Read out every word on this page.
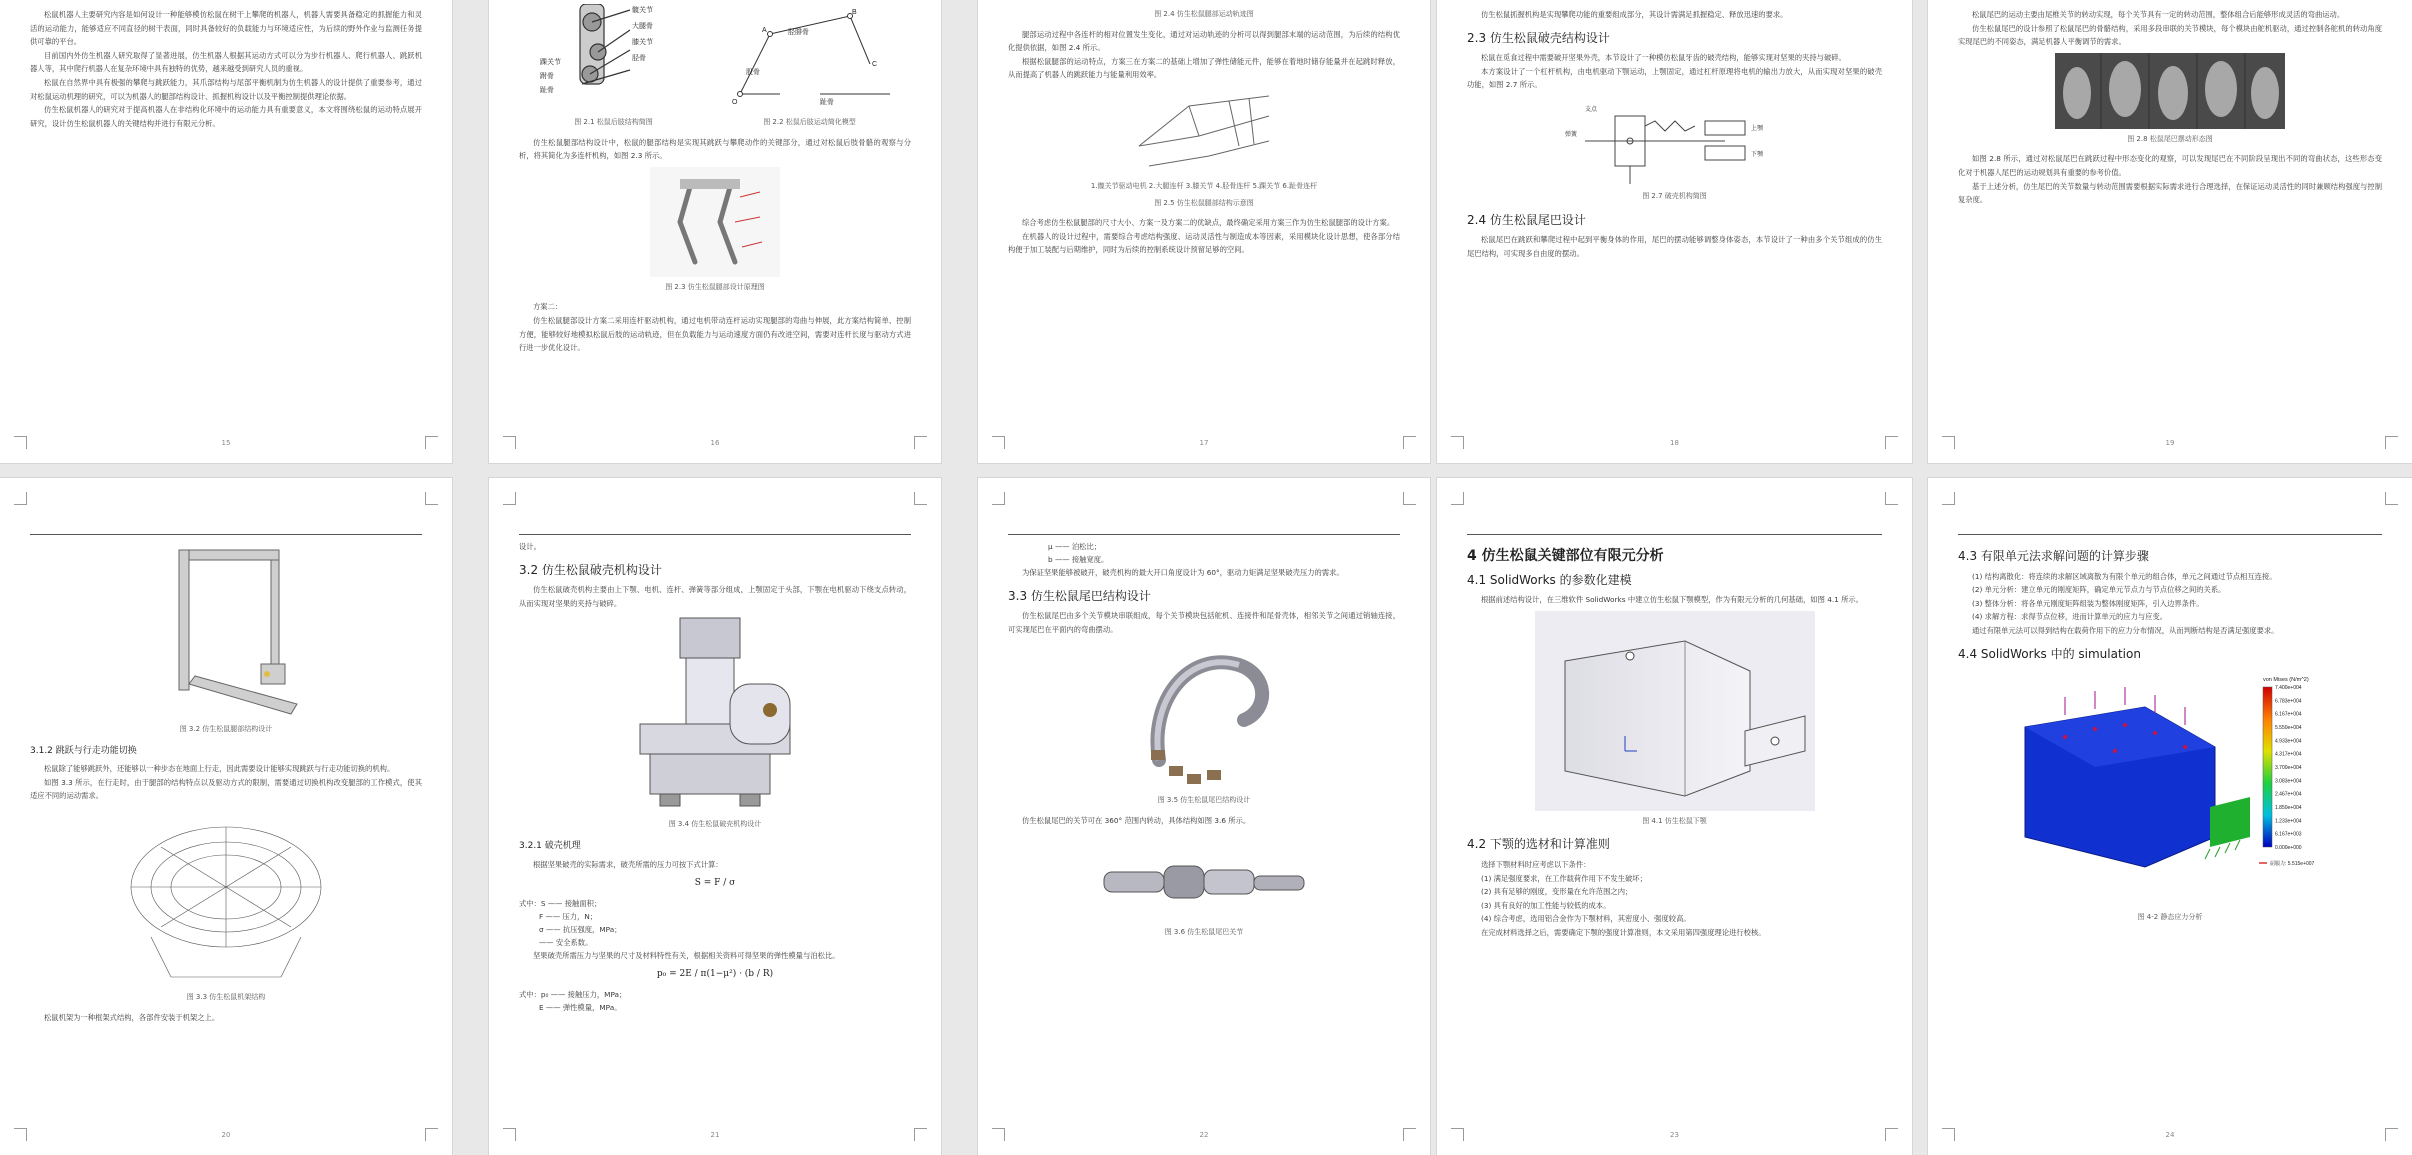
松鼠机器人主要研究内容是如何设计一种能够模仿松鼠在树干上攀爬的机器人，机器人需要具备稳定的抓握能力和灵活的运动能力，能够适应不同直径的树干表面，同时具备较好的负载能力与环境适应性，为后续的野外作业与监测任务提供可靠的平台。

目前国内外仿生机器人研究取得了显著进展，仿生机器人根据其运动方式可以分为步行机器人、爬行机器人、跳跃机器人等，其中爬行机器人在复杂环境中具有独特的优势，越来越受到研究人员的重视。

松鼠在自然界中具有极强的攀爬与跳跃能力，其爪部结构与尾部平衡机制为仿生机器人的设计提供了重要参考，通过对松鼠运动机理的研究，可以为机器人的腿部结构设计、抓握机构设计以及平衡控制提供理论依据。

仿生松鼠机器人的研究对于提高机器人在非结构化环境中的运动能力具有重要意义，本文将围绕松鼠的运动特点展开研究，设计仿生松鼠机器人的关键结构并进行有限元分析。

15
髋关节
大腿骨
膝关节
胫骨
踝关节
跗骨
趾骨
胫腓骨
A
B
C
股骨
趾骨
O
图 2.1 松鼠后肢结构简图	图 2.2 松鼠后肢运动简化模型

仿生松鼠腿部结构设计中，松鼠的腿部结构是实现其跳跃与攀爬动作的关键部分，通过对松鼠后肢骨骼的观察与分析，将其简化为多连杆机构，如图 2.3 所示。

图 2.3 仿生松鼠腿部设计原理图

方案二：

仿生松鼠腿部设计方案二采用连杆驱动机构，通过电机带动连杆运动实现腿部的弯曲与伸展，此方案结构简单、控制方便，能够较好地模拟松鼠后肢的运动轨迹，但在负载能力与运动速度方面仍有改进空间，需要对连杆长度与驱动方式进行进一步优化设计。

16
图 2.4 仿生松鼠腿部运动轨迹图

腿部运动过程中各连杆的相对位置发生变化，通过对运动轨迹的分析可以得到腿部末端的运动范围，为后续的结构优化提供依据，如图 2.4 所示。

根据松鼠腿部的运动特点，方案三在方案二的基础上增加了弹性储能元件，能够在着地时储存能量并在起跳时释放，从而提高了机器人的跳跃能力与能量利用效率。

1.髋关节驱动电机 2.大腿连杆 3.膝关节 4.胫骨连杆 5.踝关节 6.趾骨连杆
图 2.5 仿生松鼠腿部结构示意图

综合考虑仿生松鼠腿部的尺寸大小、方案一及方案二的优缺点，最终确定采用方案三作为仿生松鼠腿部的设计方案。

在机器人的设计过程中，需要综合考虑结构强度、运动灵活性与制造成本等因素，采用模块化设计思想，使各部分结构便于加工装配与后期维护，同时为后续的控制系统设计预留足够的空间。

17

仿生松鼠抓握机构是实现攀爬功能的重要组成部分，其设计需满足抓握稳定、释放迅速的要求。

2.3 仿生松鼠破壳结构设计

松鼠在觅食过程中需要破开坚果外壳，本节设计了一种模仿松鼠牙齿的破壳结构，能够实现对坚果的夹持与破碎。

本方案设计了一个杠杆机构，由电机驱动下颚运动，上颚固定，通过杠杆原理将电机的输出力放大，从而实现对坚果的破壳功能，如图 2.7 所示。

支点
弹簧
上颚
下颚
图 2.7 破壳机构简图
2.4 仿生松鼠尾巴设计

松鼠尾巴在跳跃和攀爬过程中起到平衡身体的作用，尾巴的摆动能够调整身体姿态，本节设计了一种由多个关节组成的仿生尾巴结构，可实现多自由度的摆动。

18

松鼠尾巴的运动主要由尾椎关节的转动实现，每个关节具有一定的转动范围，整体组合后能够形成灵活的弯曲运动。

仿生松鼠尾巴的设计参照了松鼠尾巴的骨骼结构，采用多段串联的关节模块，每个模块由舵机驱动，通过控制各舵机的转动角度实现尾巴的不同姿态，满足机器人平衡调节的需求。

图 2.8 松鼠尾巴摆动形态图

如图 2.8 所示，通过对松鼠尾巴在跳跃过程中形态变化的观察，可以发现尾巴在不同阶段呈现出不同的弯曲状态，这些形态变化对于机器人尾巴的运动规划具有重要的参考价值。

基于上述分析，仿生尾巴的关节数量与转动范围需要根据实际需求进行合理选择，在保证运动灵活性的同时兼顾结构强度与控制复杂度。

19
图 3.2 仿生松鼠腿部结构设计
3.1.2 跳跃与行走功能切换

松鼠除了能够跳跃外，还能够以一种步态在地面上行走，因此需要设计能够实现跳跃与行走功能切换的机构。

如图 3.3 所示，在行走时，由于腿部的结构特点以及驱动方式的限制，需要通过切换机构改变腿部的工作模式，使其适应不同的运动需求。

图 3.3 仿生松鼠机架结构

松鼠机架为一种框架式结构，各部件安装于机架之上。

20

设计。

3.2 仿生松鼠破壳机构设计

仿生松鼠破壳机构主要由上下颚、电机、连杆、弹簧等部分组成，上颚固定于头部，下颚在电机驱动下绕支点转动，从而实现对坚果的夹持与破碎。

图 3.4 仿生松鼠破壳机构设计
3.2.1 破壳机理

根据坚果破壳的实际需求，破壳所需的压力可按下式计算：

S = F / σ
式中：S —— 接触面积；
F —— 压力，N；
σ —— 抗压强度，MPa；
—— 安全系数。

坚果破壳所需压力与坚果的尺寸及材料特性有关，根据相关资料可得坚果的弹性模量与泊松比。

p₀ = 2E / π(1−μ²) · (b / R)
式中：p₀ —— 接触压力，MPa；
E —— 弹性模量，MPa。
21
μ —— 泊松比；
b —— 接触宽度。

为保证坚果能够被破开，破壳机构的最大开口角度设计为 60°，驱动力矩满足坚果破壳压力的需求。

3.3 仿生松鼠尾巴结构设计

仿生松鼠尾巴由多个关节模块串联组成，每个关节模块包括舵机、连接件和尾骨壳体，相邻关节之间通过销轴连接，可实现尾巴在平面内的弯曲摆动。

图 3.5 仿生松鼠尾巴结构设计

仿生松鼠尾巴的关节可在 360° 范围内转动，具体结构如图 3.6 所示。

图 3.6 仿生松鼠尾巴关节
22
4 仿生松鼠关键部位有限元分析
4.1 SolidWorks 的参数化建模

根据前述结构设计，在三维软件 SolidWorks 中建立仿生松鼠下颚模型，作为有限元分析的几何基础，如图 4.1 所示。

图 4.1 仿生松鼠下颚
4.2 下颚的选材和计算准则

选择下颚材料时应考虑以下条件：

(1) 满足强度要求，在工作载荷作用下不发生破坏；

(2) 具有足够的刚度，变形量在允许范围之内；

(3) 具有良好的加工性能与较低的成本。

(4) 综合考虑，选用铝合金作为下颚材料，其密度小、强度较高。

在完成材料选择之后，需要确定下颚的强度计算准则，本文采用第四强度理论进行校核。

23
4.3 有限单元法求解问题的计算步骤

(1) 结构离散化：将连续的求解区域离散为有限个单元的组合体，单元之间通过节点相互连接。

(2) 单元分析：建立单元的刚度矩阵，确定单元节点力与节点位移之间的关系。

(3) 整体分析：将各单元刚度矩阵组装为整体刚度矩阵，引入边界条件。

(4) 求解方程：求得节点位移，进而计算单元的应力与应变。

通过有限单元法可以得到结构在载荷作用下的应力分布情况，从而判断结构是否满足强度要求。

4.4 SolidWorks 中的 simulation
von Mises (N/m^2)
7.400e+004
6.783e+004
6.167e+004
5.550e+004
4.933e+004
4.317e+004
3.700e+004
3.083e+004
2.467e+004
1.850e+004
1.233e+004
6.167e+003
0.000e+000
屈服力: 5.515e+007
图 4-2 静态应力分析
24
